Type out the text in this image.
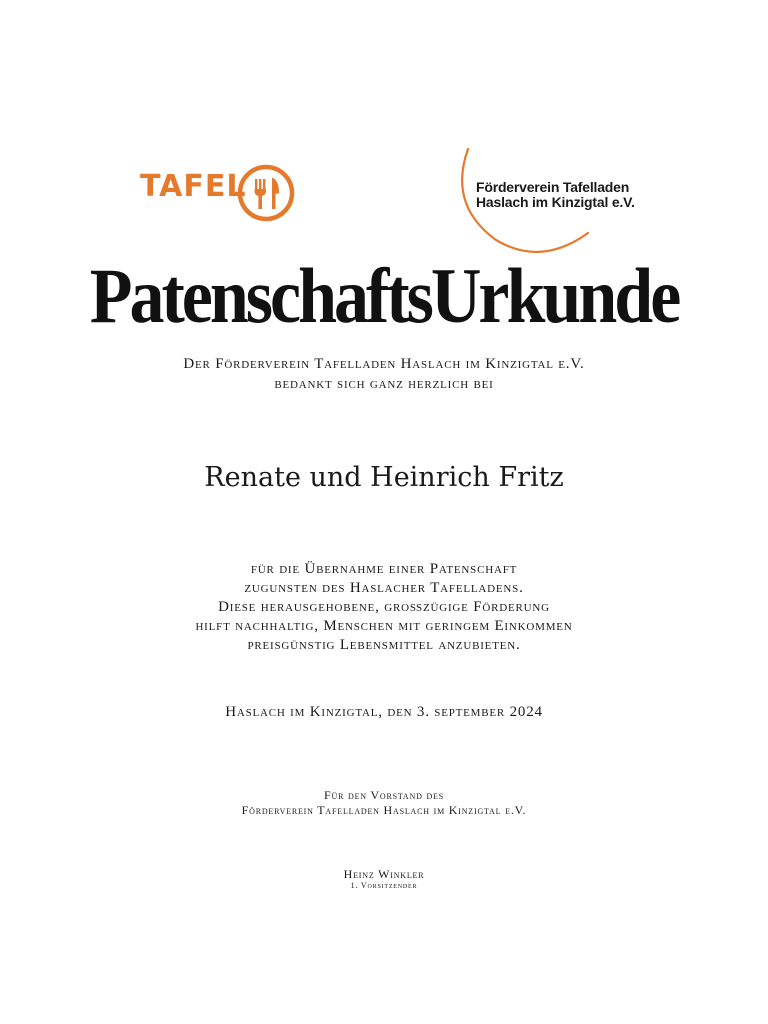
TAFEL	Förderverein Tafelladen
Haslach im Kinzigtal e.V.
PatenschaftsUrkunde
Der Förderverein Tafelladen Haslach im Kinzigtal e.V.
bedankt sich ganz herzlich bei
Renate und Heinrich Fritz
für die Übernahme einer Patenschaft
zugunsten des Haslacher Tafelladens.
Diese herausgehobene, großzügige Förderung
hilft nachhaltig, Menschen mit geringem Einkommen
preisgünstig Lebensmittel anzubieten.
Haslach im Kinzigtal, den 3. september 2024
Für den Vorstand des
Förderverein Tafelladen Haslach im Kinzigtal e.V.
Heinz Winkler
1. Vorsitzender
